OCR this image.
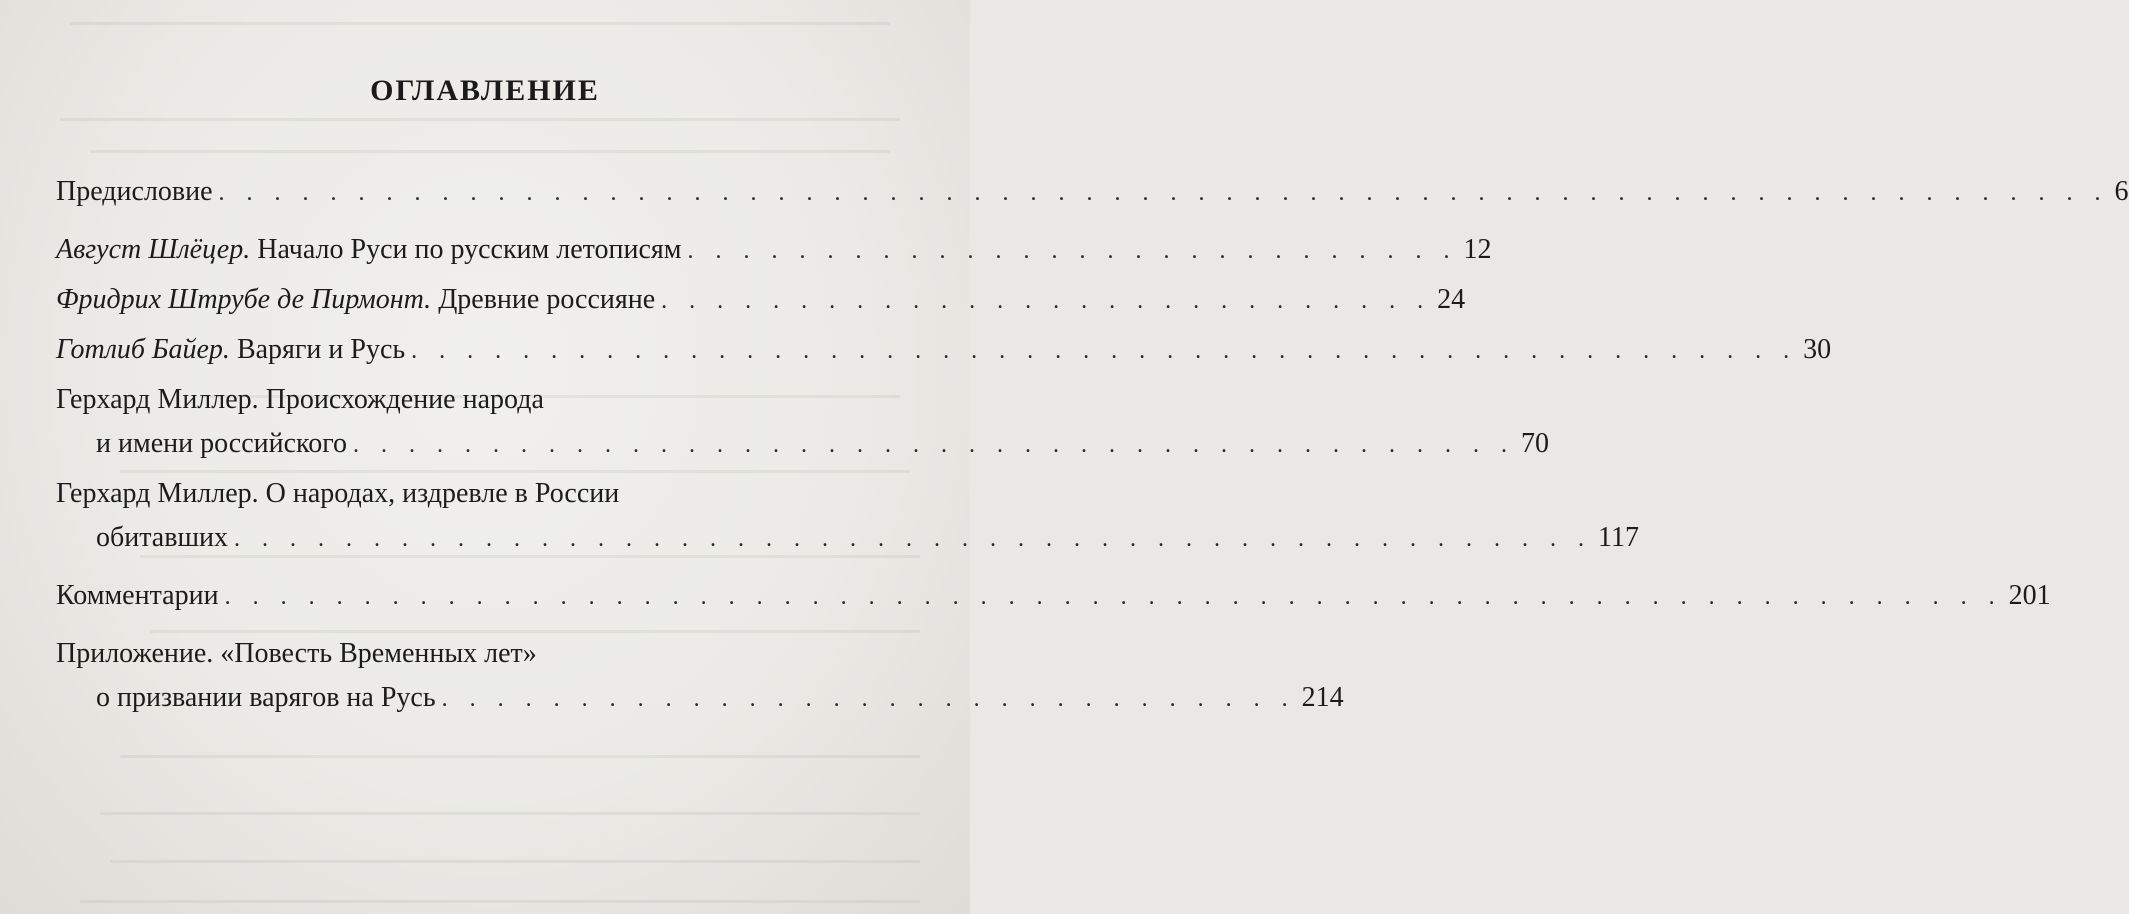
ОГЛАВЛЕНИЕ
Предисловие . . . . . . . . . . . . . . . . . . . . . . . . . . . . . . . . . . . . . . . . . . . . . . . . . . . . . . . . . . . . . . . . . . . . 6
Август Шлёцер. Начало Руси по русским летописям . . . . . . . . . . . . . . . . . . . . . . . . . . . . 12
Фридрих Штрубе де Пирмонт. Древние россияне . . . . . . . . . . . . . . . . . . . . . . . . . . . . 24
Готлиб Байер. Варяги и Русь . . . . . . . . . . . . . . . . . . . . . . . . . . . . . . . . . . . . . . . . . . . . . . . . . . 30
Герхард Миллер. Происхождение народа
и имени российского . . . . . . . . . . . . . . . . . . . . . . . . . . . . . . . . . . . . . . . . . . 70
Герхард Миллер. О народах, издревле в России
обитавших . . . . . . . . . . . . . . . . . . . . . . . . . . . . . . . . . . . . . . . . . . . . . . . . . 117
Комментарии . . . . . . . . . . . . . . . . . . . . . . . . . . . . . . . . . . . . . . . . . . . . . . . . . . . . . . . . . . . . . . . . 201
Приложение. «Повесть Временных лет»
о призвании варягов на Русь . . . . . . . . . . . . . . . . . . . . . . . . . . . . . . . 214
